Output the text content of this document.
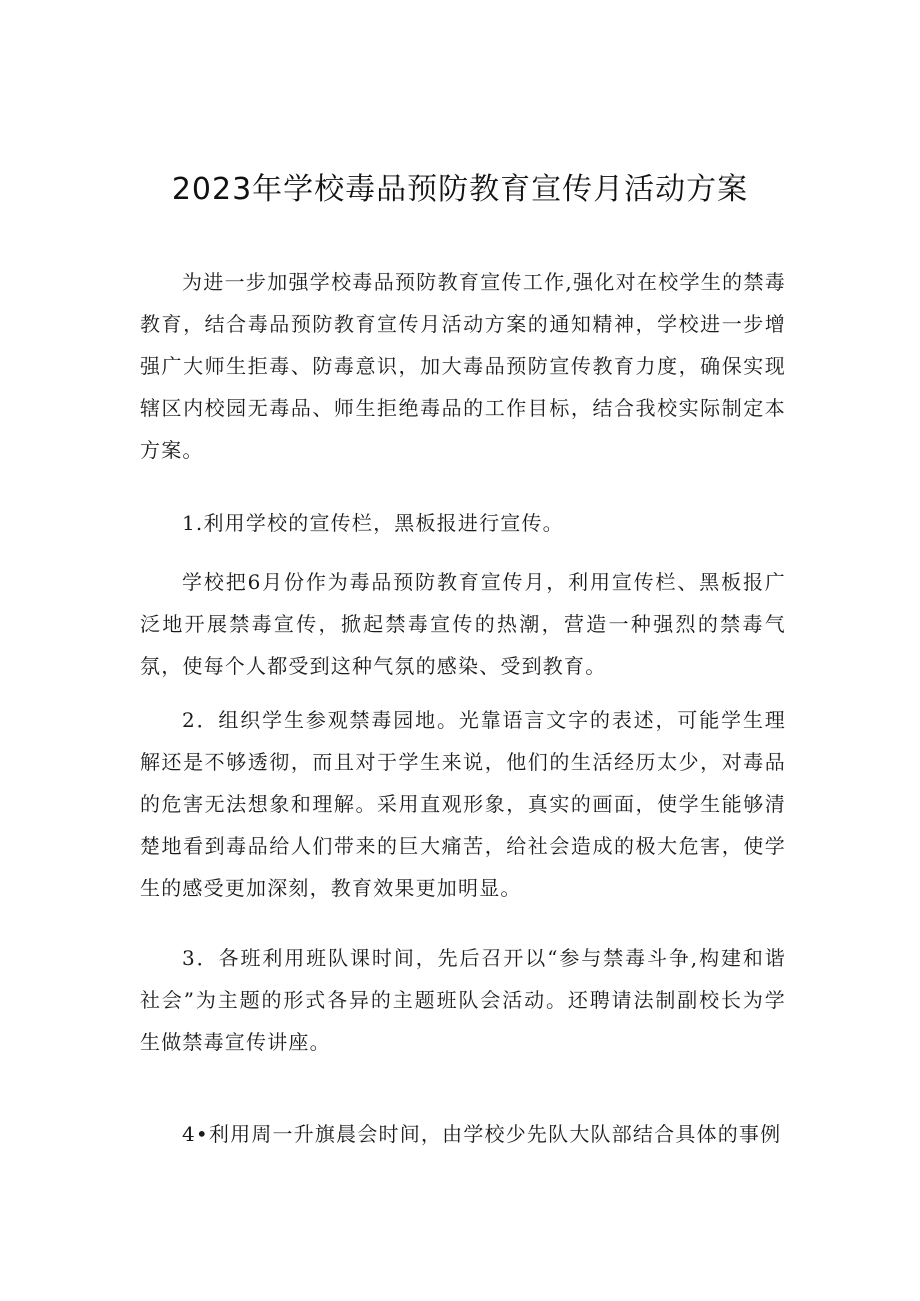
2023年学校毒品预防教育宣传月活动方案

为进一步加强学校毒品预防教育宣传工作,强化对在校学生的禁毒教育，结合毒品预防教育宣传月活动方案的通知精神，学校进一步增强广大师生拒毒、防毒意识，加大毒品预防宣传教育力度，确保实现辖区内校园无毒品、师生拒绝毒品的工作目标，结合我校实际制定本方案。

1.利用学校的宣传栏，黑板报进行宣传。

学校把6月份作为毒品预防教育宣传月，利用宣传栏、黑板报广泛地开展禁毒宣传，掀起禁毒宣传的热潮，营造一种强烈的禁毒气氛，使每个人都受到这种气氛的感染、受到教育。

2．组织学生参观禁毒园地。光靠语言文字的表述，可能学生理解还是不够透彻，而且对于学生来说，他们的生活经历太少，对毒品的危害无法想象和理解。采用直观形象，真实的画面，使学生能够清楚地看到毒品给人们带来的巨大痛苦，给社会造成的极大危害，使学生的感受更加深刻，教育效果更加明显。

3．各班利用班队课时间，先后召开以“参与禁毒斗争,构建和谐社会”为主题的形式各异的主题班队会活动。还聘请法制副校长为学生做禁毒宣传讲座。

4•利用周一升旗晨会时间，由学校少先队大队部结合具体的事例
